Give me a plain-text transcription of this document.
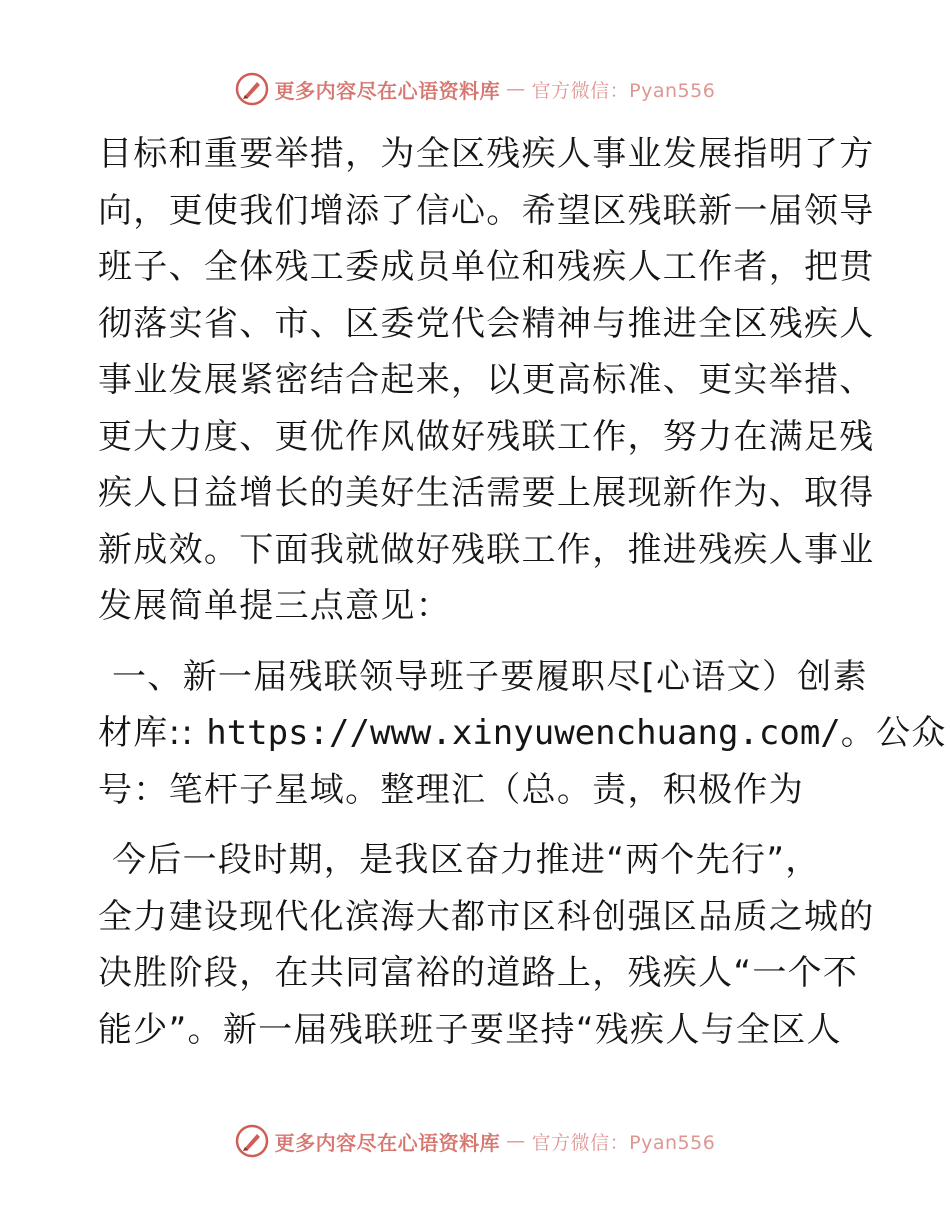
更多内容尽在心语资料库 — 官方微信：Pyan556
目标和重要举措，为全区残疾人事业发展指明了方
向，更使我们增添了信心。希望区残联新一届领导
班子、全体残工委成员单位和残疾人工作者，把贯
彻落实省、市、区委党代会精神与推进全区残疾人
事业发展紧密结合起来，以更高标准、更实举措、
更大力度、更优作风做好残联工作，努力在满足残
疾人日益增长的美好生活需要上展现新作为、取得
新成效。下面我就做好残联工作，推进残疾人事业
发展简单提三点意见：
一、新一届残联领导班子要履职尽[心语文）创素
材库:: https://www.xinyuwenchuang.com/。公众
号：笔杆子星域。整理汇（总。责，积极作为
今后一段时期，是我区奋力推进“两个先行”，
全力建设现代化滨海大都市区科创强区品质之城的
决胜阶段，在共同富裕的道路上，残疾人“一个不
能少”。新一届残联班子要坚持“残疾人与全区人
更多内容尽在心语资料库 — 官方微信：Pyan556
